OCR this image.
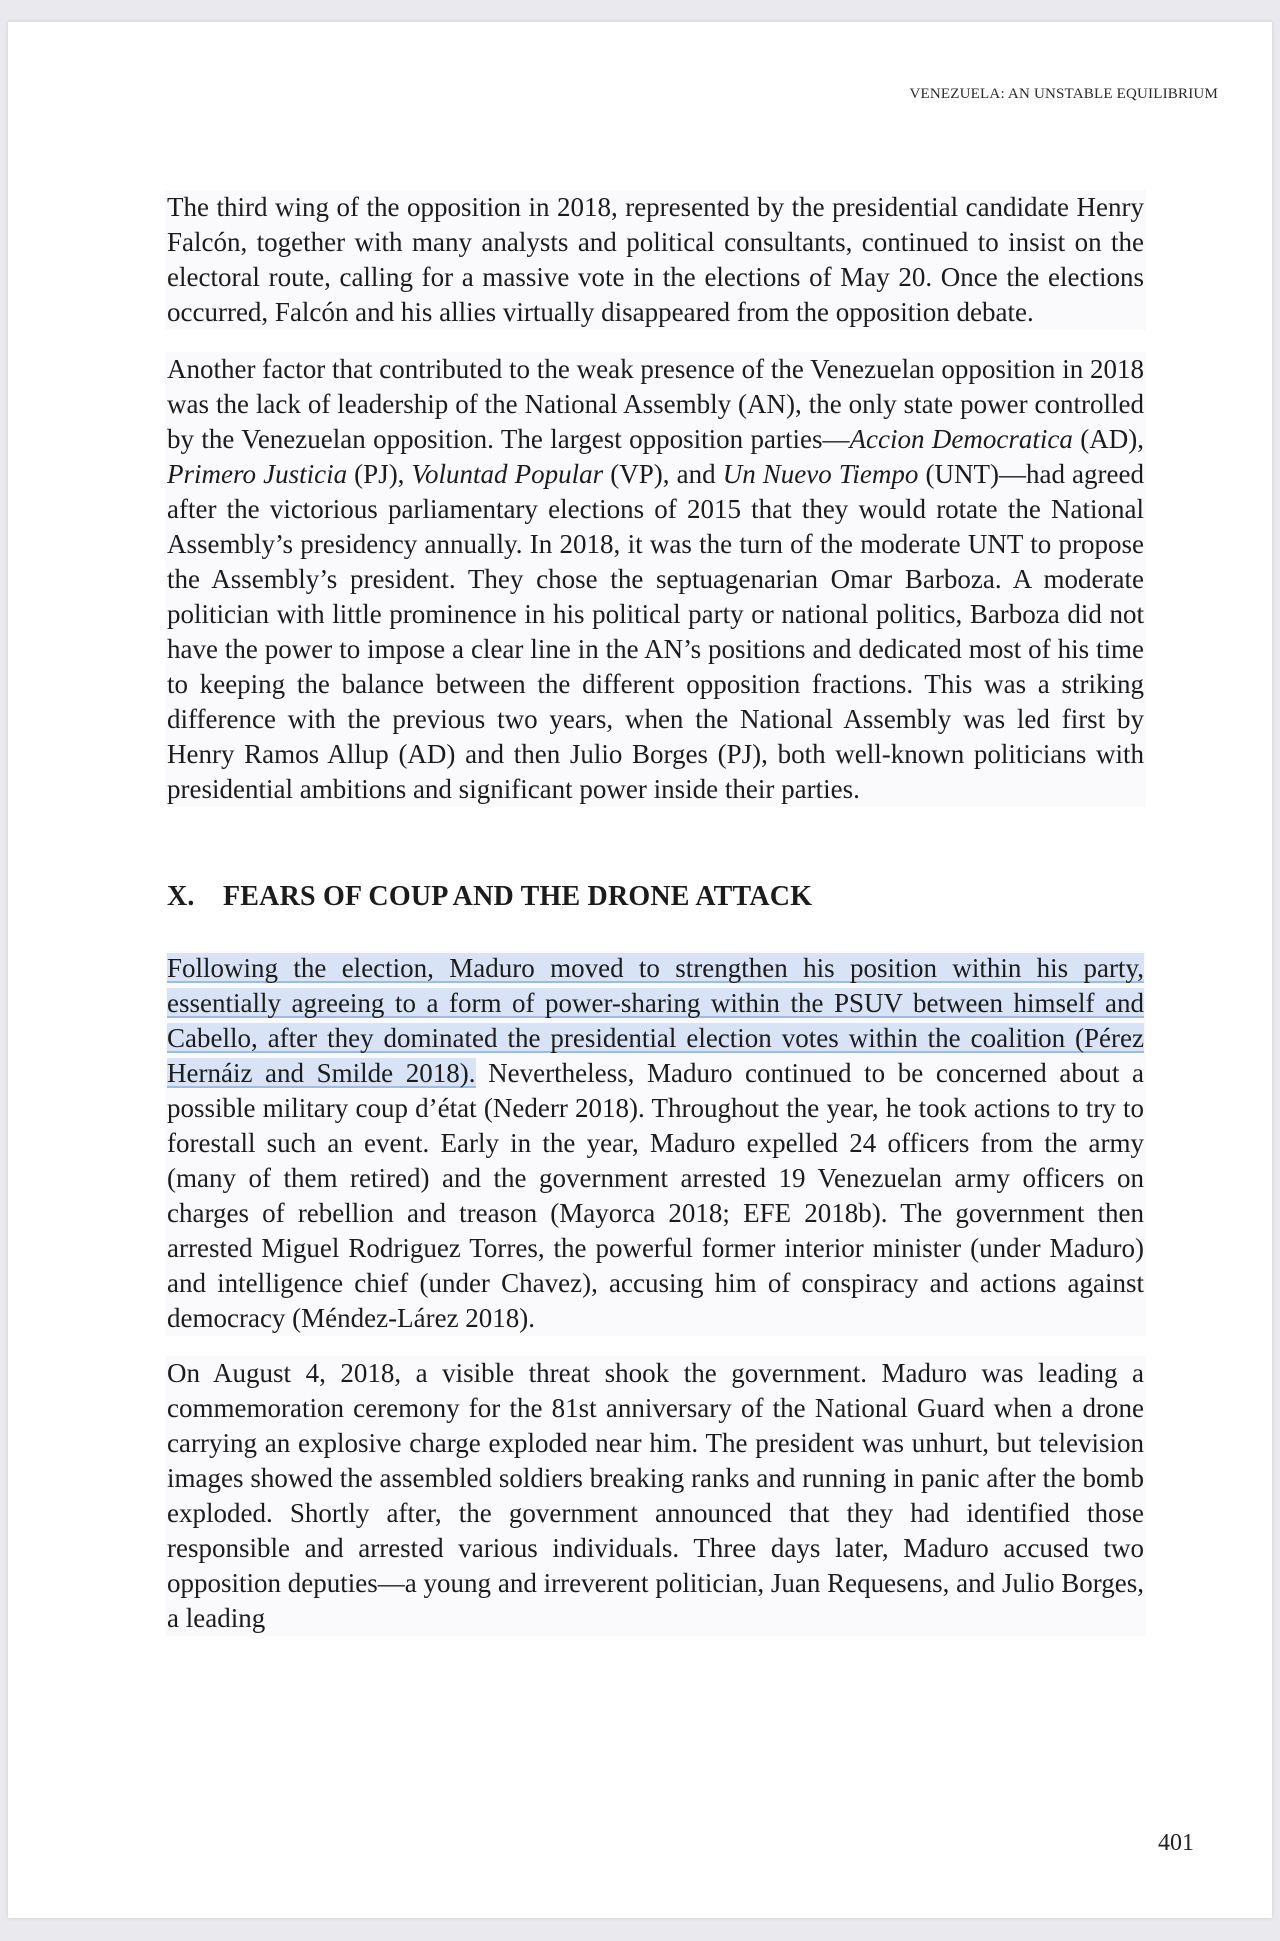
VENEZUELA: AN UNSTABLE EQUILIBRIUM

The third wing of the opposition in 2018, represented by the presidential candidate Henry Falcón, together with many analysts and political consultants, continued to insist on the electoral route, calling for a massive vote in the elections of May 20. Once the elections occurred, Falcón and his allies virtually disappeared from the opposition debate.

Another factor that contributed to the weak presence of the Venezuelan opposition in 2018 was the lack of leadership of the National Assembly (AN), the only state power controlled by the Venezuelan opposition. The largest opposition parties—Accion Democratica (AD), Primero Justicia (PJ), Voluntad Popular (VP), and Un Nuevo Tiempo (UNT)—had agreed after the victorious parliamentary elections of 2015 that they would rotate the National Assembly’s presidency annually. In 2018, it was the turn of the moderate UNT to propose the Assembly’s president. They chose the septuagenarian Omar Barboza. A moderate politician with little prominence in his political party or national politics, Barboza did not have the power to impose a clear line in the AN’s positions and dedicated most of his time to keeping the balance between the different opposition fractions. This was a striking difference with the previous two years, when the National Assembly was led first by Henry Ramos Allup (AD) and then Julio Borges (PJ), both well-known politicians with presidential ambitions and significant power inside their parties.

X. FEARS OF COUP AND THE DRONE ATTACK

Following the election, Maduro moved to strengthen his position within his party, essentially agreeing to a form of power-sharing within the PSUV between himself and Cabello, after they dominated the presidential election votes within the coalition (Pérez Hernáiz and Smilde 2018). Nevertheless, Maduro continued to be concerned about a possible military coup d’état (Nederr 2018). Throughout the year, he took actions to try to forestall such an event. Early in the year, Maduro expelled 24 officers from the army (many of them retired) and the government arrested 19 Venezuelan army officers on charges of rebellion and treason (Mayorca 2018; EFE 2018b). The government then arrested Miguel Rodriguez Torres, the powerful former interior minister (under Maduro) and intelligence chief (under Chavez), accusing him of conspiracy and actions against democracy (Méndez-Lárez 2018).

On August 4, 2018, a visible threat shook the government. Maduro was leading a commemoration ceremony for the 81st anniversary of the National Guard when a drone carrying an explosive charge exploded near him. The president was unhurt, but television images showed the assembled soldiers breaking ranks and running in panic after the bomb exploded. Shortly after, the government announced that they had identified those responsible and arrested various individuals. Three days later, Maduro accused two opposition deputies—a young and irreverent politician, Juan Requesens, and Julio Borges, a leading

401
